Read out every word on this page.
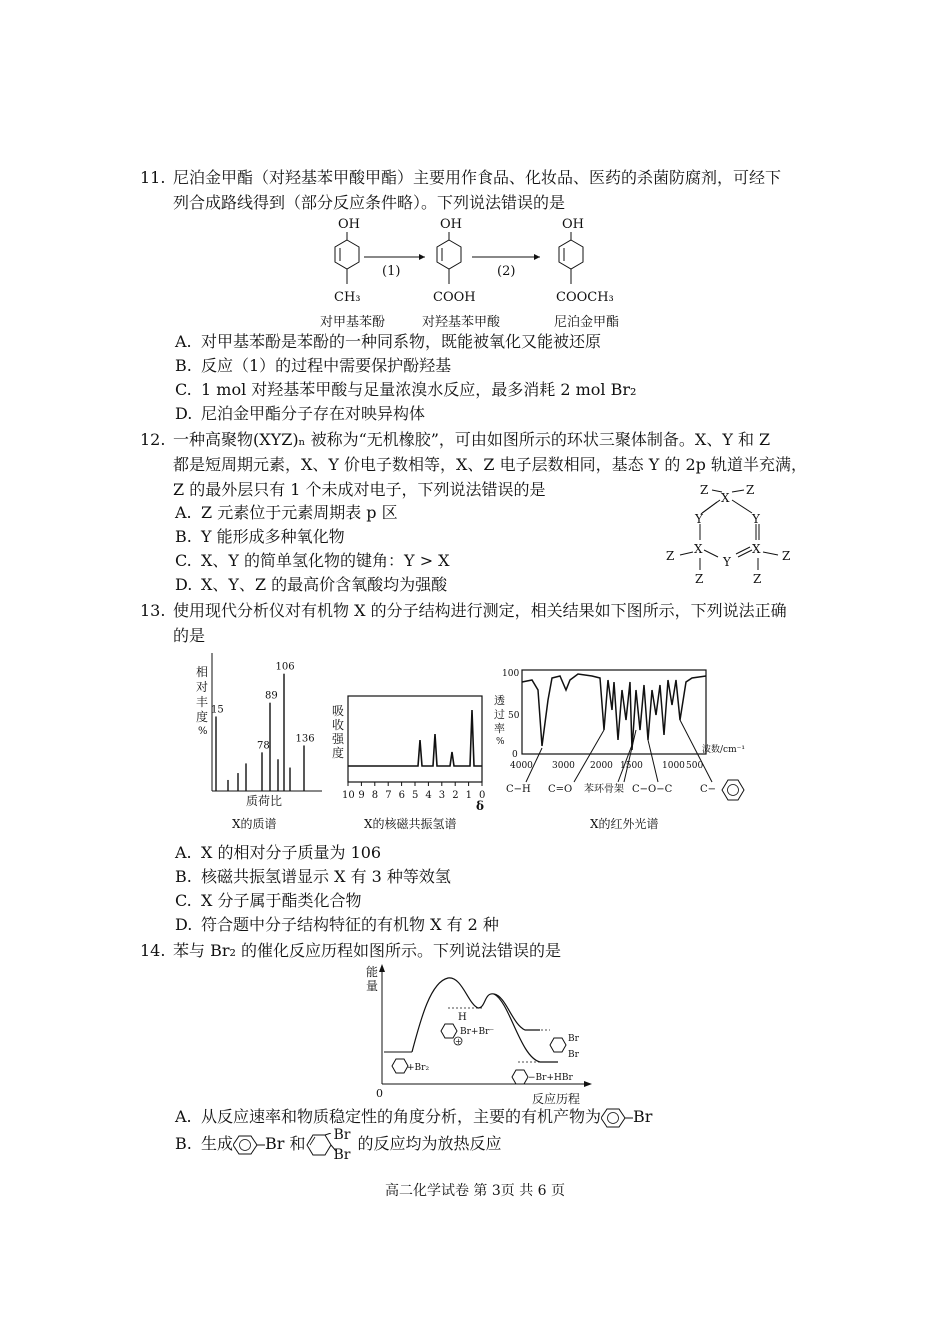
11. 尼泊金甲酯（对羟基苯甲酸甲酯）主要用作食品、化妆品、医药的杀菌防腐剂，可经下
列合成路线得到（部分反应条件略）。下列说法错误的是
OH
CH₃
对甲基苯酚
(1)
OH
COOH
对羟基苯甲酸
(2)
OH
COOCH₃
尼泊金甲酯
A. 对甲基苯酚是苯酚的一种同系物，既能被氧化又能被还原
B. 反应（1）的过程中需要保护酚羟基
C. 1 mol 对羟基苯甲酸与足量浓溴水反应，最多消耗 2 mol Br₂
D. 尼泊金甲酯分子存在对映异构体
12. 一种高聚物(XYZ)ₙ 被称为“无机橡胶”，可由如图所示的环状三聚体制备。X、Y 和 Z
都是短周期元素，X、Y 价电子数相等，X、Z 电子层数相同，基态 Y 的 2p 轨道半充满，
Z 的最外层只有 1 个未成对电子，下列说法错误的是	X
Z	Z
Y	Y
X	X
Y
Z	Z
Z	Z
A. Z 元素位于元素周期表 p 区
B. Y 能形成多种氧化物
C. X、Y 的简单氢化物的键角：Y > X
D. X、Y、Z 的最高价含氧酸均为强酸
13. 使用现代分析仪对有机物 X 的分子结构进行测定，相关结果如下图所示，下列说法正确
的是
相
对
丰
度
%
15
78
89
106
136
质荷比
X的质谱
吸
收
强
度
10 9 8 7 6 5 4 3 2 1 0
δ
X的核磁共振氢谱
透
过
率
%
100
50
0
4000 3000 2000 1500 1000 500
波数/cm⁻¹
C−H C=O 苯环骨架 C−O−C	C−
X的红外光谱
A. X 的相对分子质量为 106
B. 核磁共振氢谱显示 X 有 3 种等效氢
C. X 分子属于酯类化合物
D. 符合题中分子结构特征的有机物 X 有 2 种
14. 苯与 Br₂ 的催化反应历程如图所示。下列说法错误的是
能
量
0	反应历程
+Br₂
H
+
Br+Br⁻
Br
Br
−Br+HBr
A. 从反应速率和物质稳定性的角度分析，主要的有机产物为 Br
B. 生成 Br 和 Br
Br
的反应均为放热反应
高二化学试卷 第 3页 共 6 页
